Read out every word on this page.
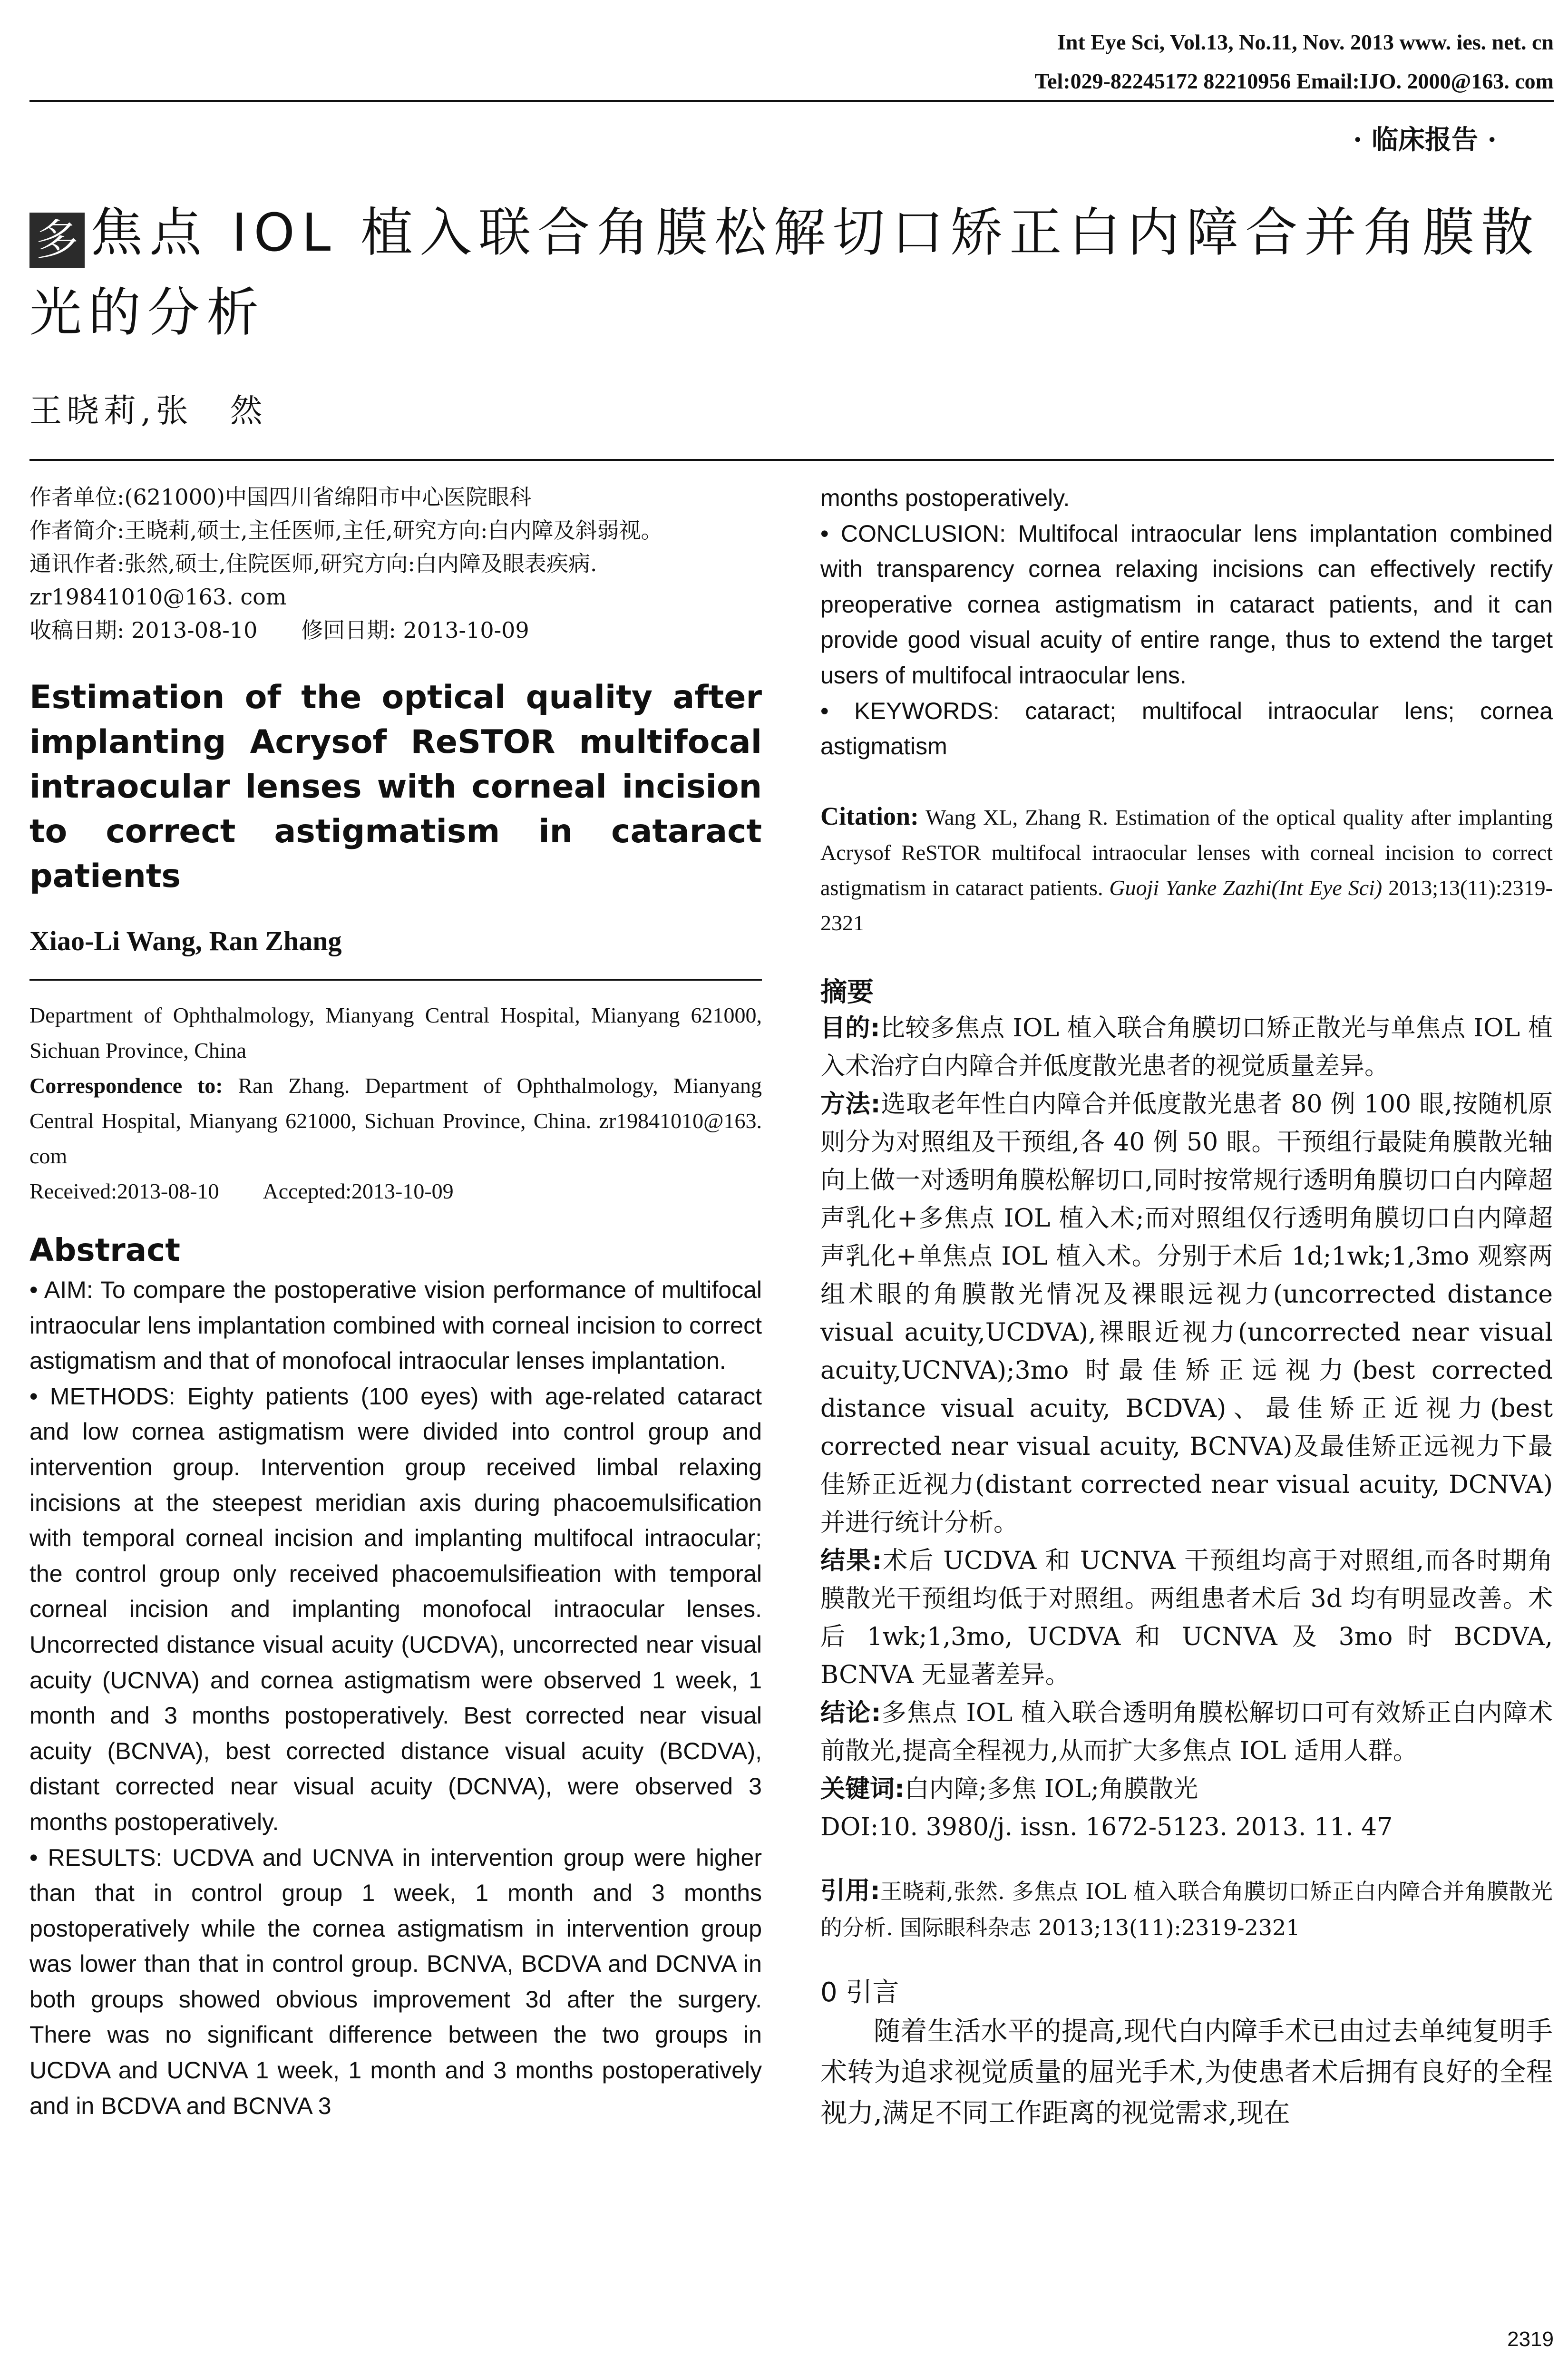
Int Eye Sci, Vol.13, No.11, Nov. 2013 www. ies. net. cn
Tel:029-82245172 82210956 Email:IJO. 2000@163. com
· 临床报告 ·
多 焦点 IOL 植入联合角膜松解切口矫正白内障合并角膜散光的分析
王晓莉,张　然
作者单位:(621000)中国四川省绵阳市中心医院眼科
作者简介:王晓莉,硕士,主任医师,主任,研究方向:白内障及斜弱视。
通讯作者:张然,硕士,住院医师,研究方向:白内障及眼表疾病. zr19841010@163. com
收稿日期: 2013-08-10　　修回日期: 2013-10-09
Estimation of the optical quality after implanting Acrysof ReSTOR multifocal intraocular lenses with corneal incision to correct astigmatism in cataract patients
Xiao-Li Wang, Ran Zhang
Department of Ophthalmology, Mianyang Central Hospital, Mianyang 621000, Sichuan Province, China
Correspondence to: Ran Zhang. Department of Ophthalmology, Mianyang Central Hospital, Mianyang 621000, Sichuan Province, China. zr19841010@163. com
Received:2013-08-10　　Accepted:2013-10-09
Abstract

• AIM: To compare the postoperative vision performance of multifocal intraocular lens implantation combined with corneal incision to correct astigmatism and that of monofocal intraocular lenses implantation.

• METHODS: Eighty patients (100 eyes) with age-related cataract and low cornea astigmatism were divided into control group and intervention group. Intervention group received limbal relaxing incisions at the steepest meridian axis during phacoemulsification with temporal corneal incision and implanting multifocal intraocular; the control group only received phacoemulsifieation with temporal corneal incision and implanting monofocal intraocular lenses. Uncorrected distance visual acuity (UCDVA), uncorrected near visual acuity (UCNVA) and cornea astigmatism were observed 1 week, 1 month and 3 months postoperatively. Best corrected near visual acuity (BCNVA), best corrected distance visual acuity (BCDVA), distant corrected near visual acuity (DCNVA), were observed 3 months postoperatively.

• RESULTS: UCDVA and UCNVA in intervention group were higher than that in control group 1 week, 1 month and 3 months postoperatively while the cornea astigmatism in intervention group was lower than that in control group. BCNVA, BCDVA and DCNVA in both groups showed obvious improvement 3d after the surgery. There was no significant difference between the two groups in UCDVA and UCNVA 1 week, 1 month and 3 months postoperatively and in BCDVA and BCNVA 3

months postoperatively.

• CONCLUSION: Multifocal intraocular lens implantation combined with transparency cornea relaxing incisions can effectively rectify preoperative cornea astigmatism in cataract patients, and it can provide good visual acuity of entire range, thus to extend the target users of multifocal intraocular lens.

• KEYWORDS: cataract; multifocal intraocular lens; cornea astigmatism

Citation: Wang XL, Zhang R. Estimation of the optical quality after implanting Acrysof ReSTOR multifocal intraocular lenses with corneal incision to correct astigmatism in cataract patients. Guoji Yanke Zazhi(Int Eye Sci) 2013;13(11):2319-2321
摘要

目的:比较多焦点 IOL 植入联合角膜切口矫正散光与单焦点 IOL 植入术治疗白内障合并低度散光患者的视觉质量差异。

方法:选取老年性白内障合并低度散光患者 80 例 100 眼,按随机原则分为对照组及干预组,各 40 例 50 眼。干预组行最陡角膜散光轴向上做一对透明角膜松解切口,同时按常规行透明角膜切口白内障超声乳化+多焦点 IOL 植入术;而对照组仅行透明角膜切口白内障超声乳化+单焦点 IOL 植入术。分别于术后 1d;1wk;1,3mo 观察两组术眼的角膜散光情况及裸眼远视力(uncorrected distance visual acuity,UCDVA),裸眼近视力(uncorrected near visual acuity,UCNVA);3mo 时最佳矫正远视力(best corrected distance visual acuity, BCDVA)、最佳矫正近视力(best corrected near visual acuity, BCNVA)及最佳矫正远视力下最佳矫正近视力(distant corrected near visual acuity, DCNVA)并进行统计分析。

结果:术后 UCDVA 和 UCNVA 干预组均高于对照组,而各时期角膜散光干预组均低于对照组。两组患者术后 3d 均有明显改善。术后 1wk;1,3mo, UCDVA 和 UCNVA 及 3mo 时 BCDVA, BCNVA 无显著差异。

结论:多焦点 IOL 植入联合透明角膜松解切口可有效矫正白内障术前散光,提高全程视力,从而扩大多焦点 IOL 适用人群。

关键词:白内障;多焦 IOL;角膜散光

DOI:10. 3980/j. issn. 1672-5123. 2013. 11. 47

引用:王晓莉,张然. 多焦点 IOL 植入联合角膜切口矫正白内障合并角膜散光的分析. 国际眼科杂志 2013;13(11):2319-2321
0 引言

随着生活水平的提高,现代白内障手术已由过去单纯复明手术转为追求视觉质量的屈光手术,为使患者术后拥有良好的全程视力,满足不同工作距离的视觉需求,现在

2319
